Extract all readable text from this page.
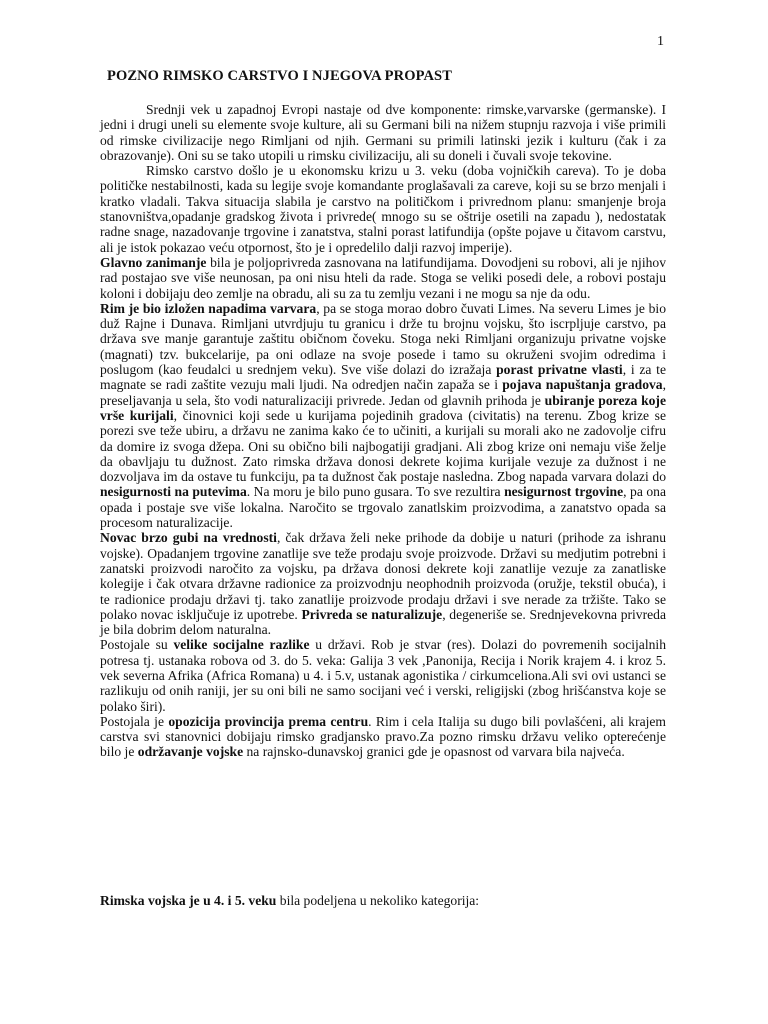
1
POZNO RIMSKO CARSTVO I NJEGOVA PROPAST

Srednji vek u zapadnoj Evropi nastaje od dve komponente: rimske,varvarske (germanske). I jedni i drugi uneli su elemente svoje kulture, ali su Germani bili na nižem stupnju razvoja i više primili od rimske civilizacije nego Rimljani od njih. Germani su primili latinski jezik i kulturu (čak i za obrazovanje). Oni su se tako utopili u rimsku civilizaciju, ali su doneli i čuvali svoje tekovine.

Rimsko carstvo došlo je u ekonomsku krizu u 3. veku (doba vojničkih careva). To je doba političke nestabilnosti, kada su legije svoje komandante proglašavali za careve, koji su se brzo menjali i kratko vladali. Takva situacija slabila je carstvo na političkom i privrednom planu: smanjenje broja stanovništva,opadanje gradskog života i privrede( mnogo su se oštrije osetili na zapadu ), nedostatak radne snage, nazadovanje trgovine i zanatstva, stalni porast latifundija (opšte pojave u čitavom carstvu, ali je istok pokazao veću otpornost, što je i opredelilo dalji razvoj imperije).

Glavno zanimanje bila je poljoprivreda zasnovana na latifundijama. Dovodjeni su robovi, ali je njihov rad postajao sve više neunosan, pa oni nisu hteli da rade. Stoga se veliki posedi dele, a robovi postaju koloni i dobijaju deo zemlje na obradu, ali su za tu zemlju vezani i ne mogu sa nje da odu.

Rim je bio izložen napadima varvara, pa se stoga morao dobro čuvati Limes. Na severu Limes je bio duž Rajne i Dunava. Rimljani utvrdjuju tu granicu i drže tu brojnu vojsku, što iscrpljuje carstvo, pa država sve manje garantuje zaštitu običnom čoveku. Stoga neki Rimljani organizuju privatne vojske (magnati) tzv. bukcelarije, pa oni odlaze na svoje posede i tamo su okruženi svojim odredima i poslugom (kao feudalci u srednjem veku). Sve više dolazi do izražaja porast privatne vlasti, i za te magnate se radi zaštite vezuju mali ljudi. Na odredjen način zapaža se i pojava napuštanja gradova, preseljavanja u sela, što vodi naturalizaciji privrede. Jedan od glavnih prihoda je ubiranje poreza koje vrše kurijali, činovnici koji sede u kurijama pojedinih gradova (civitatis) na terenu. Zbog krize se porezi sve teže ubiru, a državu ne zanima kako će to učiniti, a kurijali su morali ako ne zadovolje cifru da domire iz svoga džepa. Oni su obično bili najbogatiji gradjani. Ali zbog krize oni nemaju više želje da obavljaju tu dužnost. Zato rimska država donosi dekrete kojima kurijale vezuje za dužnost i ne dozvoljava im da ostave tu funkciju, pa ta dužnost čak postaje nasledna. Zbog napada varvara dolazi do nesigurnosti na putevima. Na moru je bilo puno gusara. To sve rezultira nesigurnost trgovine, pa ona opada i postaje sve više lokalna. Naročito se trgovalo zanatlskim proizvodima, a zanatstvo opada sa procesom naturalizacije.

Novac brzo gubi na vrednosti, čak država želi neke prihode da dobije u naturi (prihode za ishranu vojske). Opadanjem trgovine zanatlije sve teže prodaju svoje proizvode. Državi su medjutim potrebni i zanatski proizvodi naročito za vojsku, pa država donosi dekrete koji zanatlije vezuje za zanatliske kolegije i čak otvara državne radionice za proizvodnju neophodnih proizvoda (oružje, tekstil obuća), i te radionice prodaju državi tj. tako zanatlije proizvode prodaju državi i sve nerade za tržište. Tako se polako novac isključuje iz upotrebe. Privreda se naturalizuje, degeneriše se. Srednjevekovna privreda je bila dobrim delom naturalna.

Postojale su velike socijalne razlike u državi. Rob je stvar (res). Dolazi do povremenih socijalnih potresa tj. ustanaka robova od 3. do 5. veka: Galija 3 vek ,Panonija, Recija i Norik krajem 4. i kroz 5. vek severna Afrika (Africa Romana) u 4. i 5.v, ustanak agonistika / cirkumceliona.Ali svi ovi ustanci se razlikuju od onih raniji, jer su oni bili ne samo socijani već i verski, religijski (zbog hrišćanstva koje se polako širi).

Postojala je opozicija provincija prema centru. Rim i cela Italija su dugo bili povlašćeni, ali krajem carstva svi stanovnici dobijaju rimsko gradjansko pravo.Za pozno rimsku državu veliko opterećenje bilo je održavanje vojske na rajnsko-dunavskoj granici gde je opasnost od varvara bila najveća.

Rimska vojska je u 4. i 5. veku bila podeljena u nekoliko kategorija:
